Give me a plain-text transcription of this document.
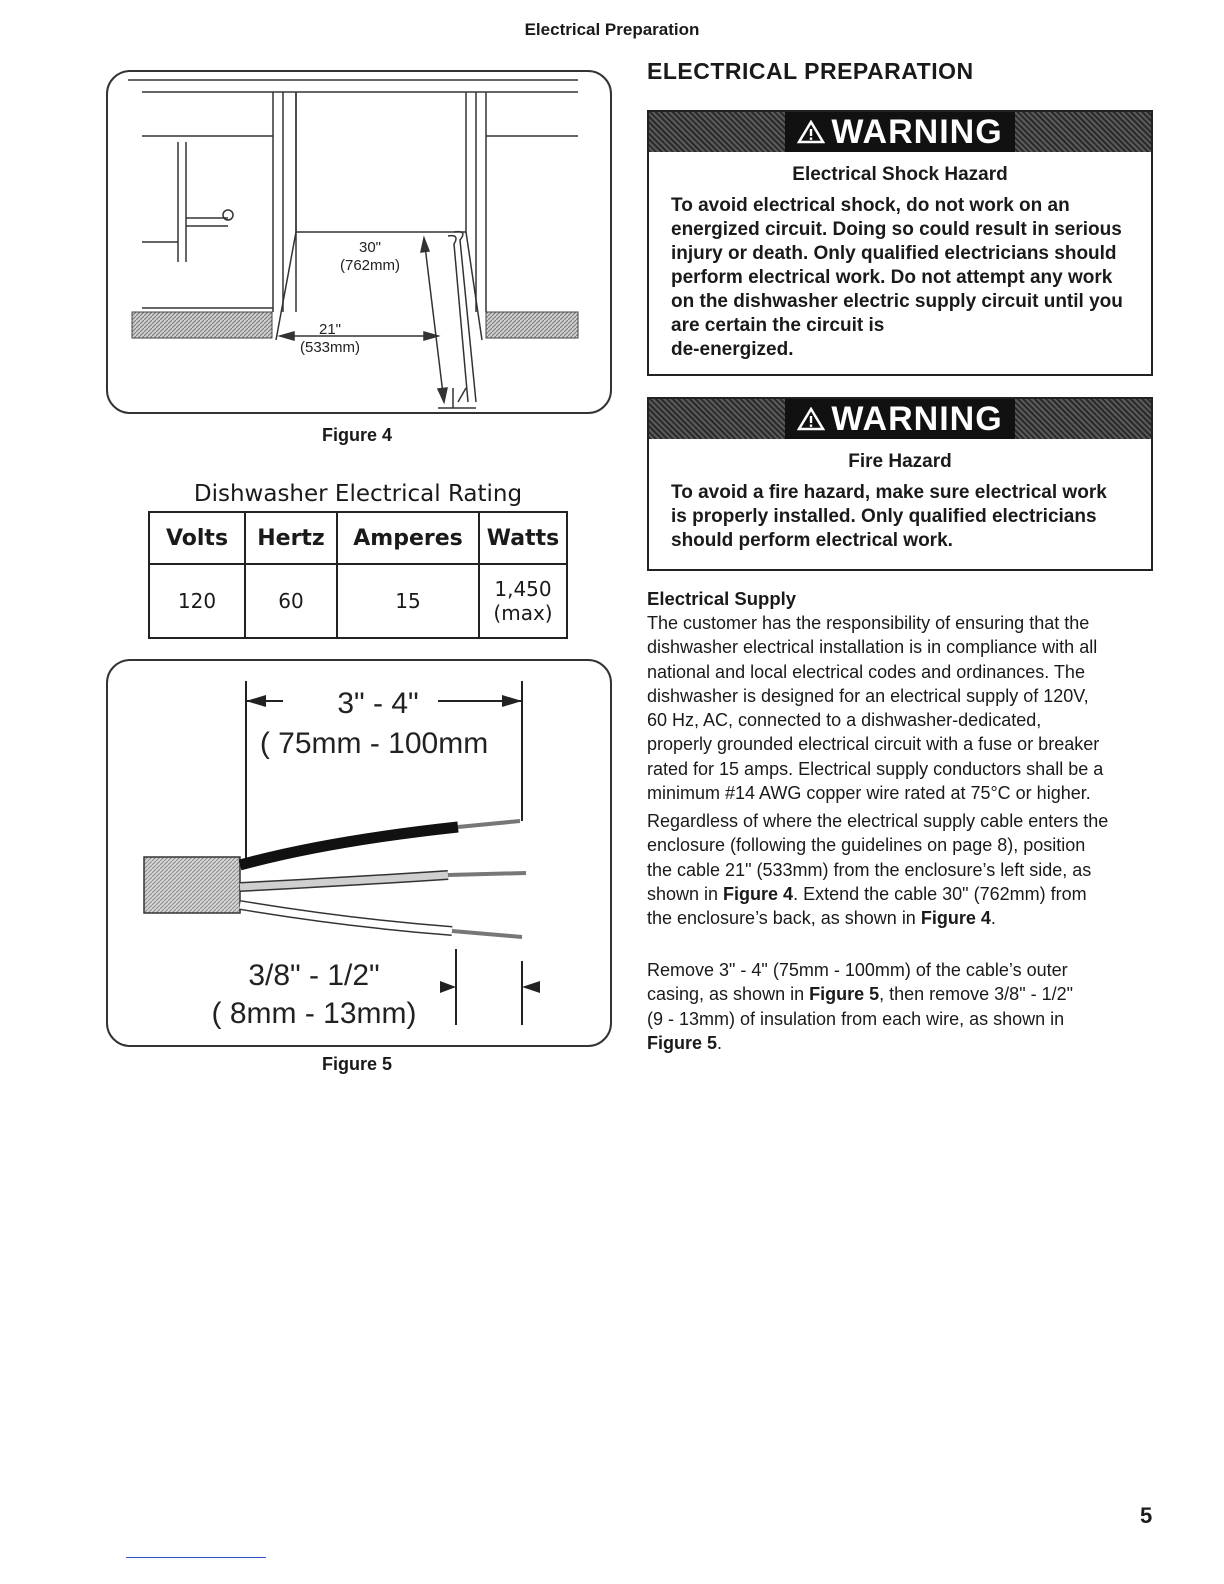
Electrical Preparation
30"
(762mm)
21"
(533mm)
Figure 4
Dishwasher Electrical Rating
Volts	Hertz	Amperes	Watts
120	60	15	1,450
(max)
3" - 4"
( 75mm - 100mm
3/8" - 1/2"
( 8mm - 13mm)
Figure 5
ELECTRICAL PREPARATION
WARNING
Electrical Shock Hazard
To avoid electrical shock, do not work on an
energized circuit. Doing so could result in serious
injury or death. Only qualified electricians should
perform electrical work. Do not attempt any work
on the dishwasher electric supply circuit until you
are certain the circuit is
de-energized.
WARNING
Fire Hazard
To avoid a fire hazard, make sure electrical work
is properly installed. Only qualified electricians
should perform electrical work.
Electrical Supply
The customer has the responsibility of ensuring that the
dishwasher electrical installation is in compliance with all
national and local electrical codes and ordinances. The
dishwasher is designed for an electrical supply of 120V,
60 Hz, AC, connected to a dishwasher-dedicated,
properly grounded electrical circuit with a fuse or breaker
rated for 15 amps. Electrical supply conductors shall be a
minimum #14 AWG copper wire rated at 75°C or higher.
Regardless of where the electrical supply cable enters the
enclosure (following the guidelines on page 8), position
the cable 21" (533mm) from the enclosure’s left side, as
shown in Figure 4. Extend the cable 30" (762mm) from
the enclosure’s back, as shown in Figure 4.
Remove 3" - 4" (75mm - 100mm) of the cable’s outer
casing, as shown in Figure 5, then remove 3/8" - 1/2"
(9 - 13mm) of insulation from each wire, as shown in
Figure 5.
5
